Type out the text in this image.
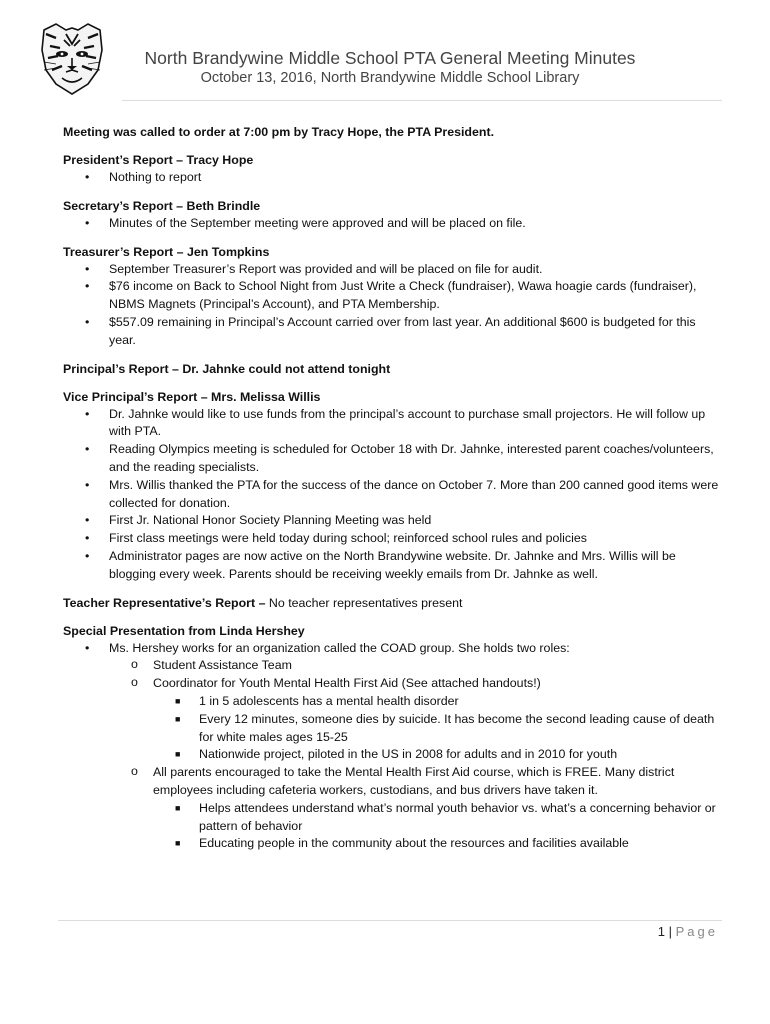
North Brandywine Middle School PTA General Meeting Minutes
October 13, 2016, North Brandywine Middle School Library

Meeting was called to order at 7:00 pm by Tracy Hope, the PTA President.

President’s Report – Tracy Hope

• Nothing to report

Secretary’s Report – Beth Brindle

• Minutes of the September meeting were approved and will be placed on file.

Treasurer’s Report – Jen Tompkins

• September Treasurer’s Report was provided and will be placed on file for audit.
• $76 income on Back to School Night from Just Write a Check (fundraiser), Wawa hoagie cards (fundraiser), NBMS Magnets (Principal’s Account), and PTA Membership.
• $557.09 remaining in Principal’s Account carried over from last year. An additional $600 is budgeted for this year.

Principal’s Report – Dr. Jahnke could not attend tonight

Vice Principal’s Report – Mrs. Melissa Willis

• Dr. Jahnke would like to use funds from the principal’s account to purchase small projectors. He will follow up with PTA.
• Reading Olympics meeting is scheduled for October 18 with Dr. Jahnke, interested parent coaches/volunteers, and the reading specialists.
• Mrs. Willis thanked the PTA for the success of the dance on October 7. More than 200 canned good items were collected for donation.
• First Jr. National Honor Society Planning Meeting was held
• First class meetings were held today during school; reinforced school rules and policies
• Administrator pages are now active on the North Brandywine website. Dr. Jahnke and Mrs. Willis will be blogging every week. Parents should be receiving weekly emails from Dr. Jahnke as well.

Teacher Representative’s Report – No teacher representatives present

Special Presentation from Linda Hershey

• Ms. Hershey works for an organization called the COAD group. She holds two roles:
o Student Assistance Team
o Coordinator for Youth Mental Health First Aid (See attached handouts!)
■ 1 in 5 adolescents has a mental health disorder
■ Every 12 minutes, someone dies by suicide. It has become the second leading cause of death for white males ages 15-25
■ Nationwide project, piloted in the US in 2008 for adults and in 2010 for youth
o All parents encouraged to take the Mental Health First Aid course, which is FREE. Many district employees including cafeteria workers, custodians, and bus drivers have taken it.
■ Helps attendees understand what’s normal youth behavior vs. what’s a concerning behavior or pattern of behavior
■ Educating people in the community about the resources and facilities available
1 | Page
